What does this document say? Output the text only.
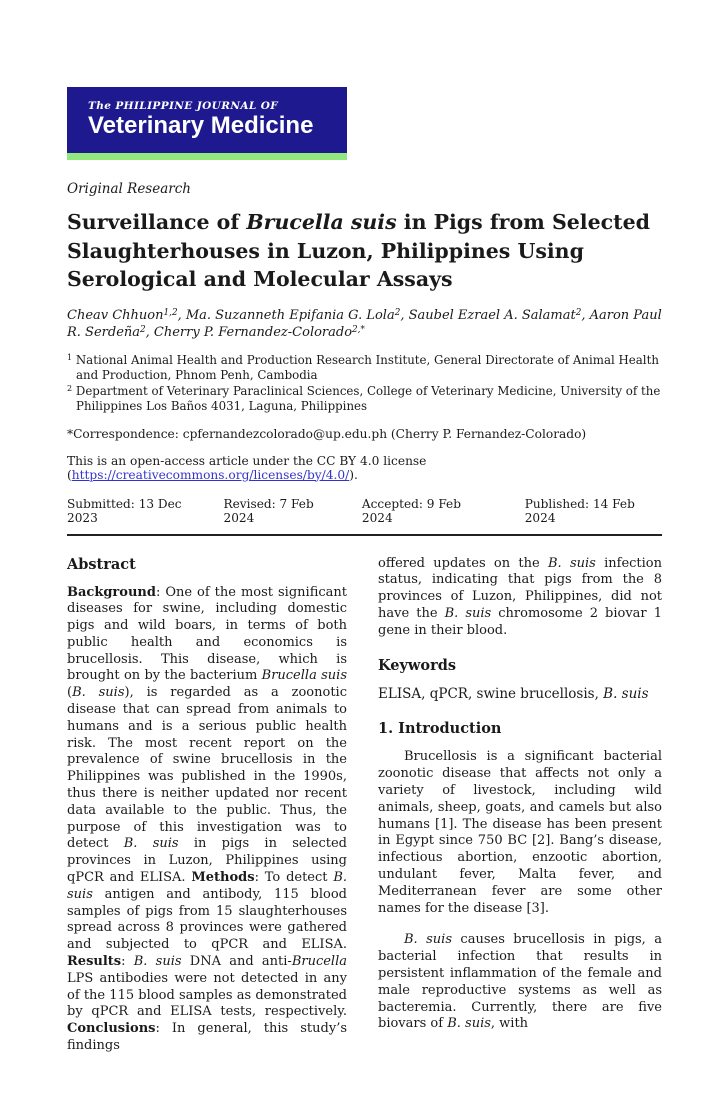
The PHILIPPINE JOURNAL OF
Veterinary Medicine
Original Research
Surveillance of Brucella suis in Pigs from Selected Slaughterhouses in Luzon, Philippines Using Serological and Molecular Assays
Cheav Chhuon$^{1,2}$, Ma. Suzanneth Epifania G. Lola$^2$, Saubel Ezrael A. Salamat$^2$, Aaron Paul R. Serdeña$^2$, Cherry P. Fernandez-Colorado$^{2,*}$
$^1$ National Animal Health and Production Research Institute, General Directorate of Animal Health and Production, Phnom Penh, Cambodia
$^2$ Department of Veterinary Paraclinical Sciences, College of Veterinary Medicine, University of the Philippines Los Baños 4031, Laguna, Philippines
*Correspondence: cpfernandezcolorado@up.edu.ph (Cherry P. Fernandez-Colorado)
This is an open-access article under the CC BY 4.0 license (https://creativecommons.org/licenses/by/4.0/).
Submitted: 13 Dec 2023
Revised: 7 Feb 2024
Accepted: 9 Feb 2024
Published: 14 Feb 2024
Abstract

Background: One of the most significant diseases for swine, including domestic pigs and wild boars, in terms of both public health and economics is brucellosis. This disease, which is brought on by the bacterium Brucella suis (B. suis), is regarded as a zoonotic disease that can spread from animals to humans and is a serious public health risk. The most recent report on the prevalence of swine brucellosis in the Philippines was published in the 1990s, thus there is neither updated nor recent data available to the public. Thus, the purpose of this investigation was to detect B. suis in pigs in selected provinces in Luzon, Philippines using qPCR and ELISA. Methods: To detect B. suis antigen and antibody, 115 blood samples of pigs from 15 slaughterhouses spread across 8 provinces were gathered and subjected to qPCR and ELISA. Results: B. suis DNA and anti-Brucella LPS antibodies were not detected in any of the 115 blood samples as demonstrated by qPCR and ELISA tests, respectively. Conclusions: In general, this study’s findings

offered updates on the B. suis infection status, indicating that pigs from the 8 provinces of Luzon, Philippines, did not have the B. suis chromosome 2 biovar 1 gene in their blood.

Keywords

ELISA, qPCR, swine brucellosis, B. suis

1. Introduction

Brucellosis is a significant bacterial zoonotic disease that affects not only a variety of livestock, including wild animals, sheep, goats, and camels but also humans [1]. The disease has been present in Egypt since 750 BC [2]. Bang’s disease, infectious abortion, enzootic abortion, undulant fever, Malta fever, and Mediterranean fever are some other names for the disease [3].

B. suis causes brucellosis in pigs, a bacterial infection that results in persistent inflammation of the female and male reproductive systems as well as bacteremia. Currently, there are five biovars of B. suis, with
